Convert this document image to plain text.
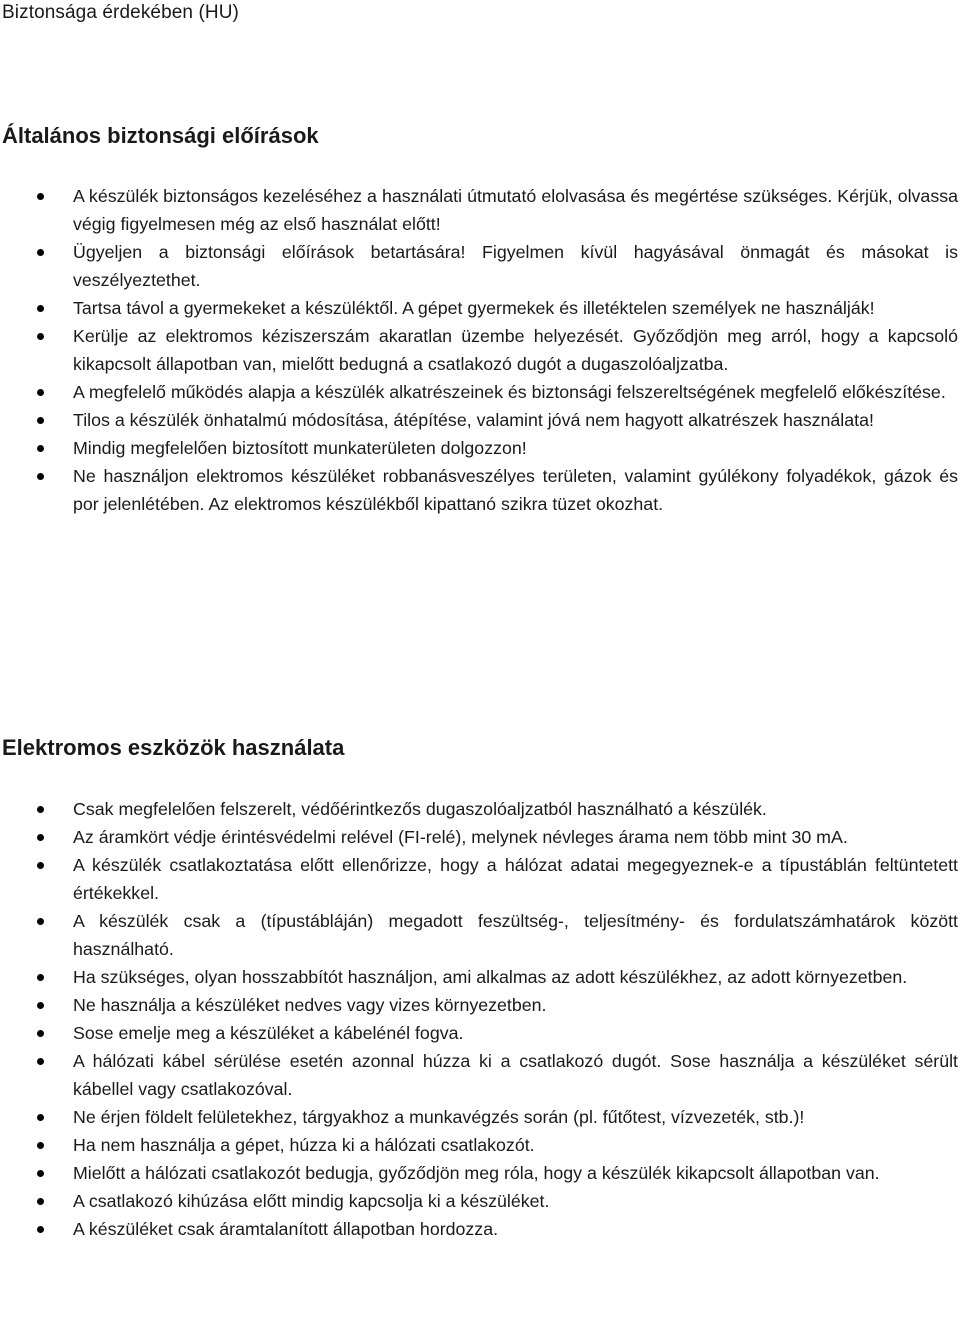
Biztonsága érdekében (HU)
Általános biztonsági előírások
A készülék biztonságos kezeléséhez a használati útmutató elolvasása és megértése szükséges. Kérjük, olvassa végig figyelmesen még az első használat előtt!
Ügyeljen a biztonsági előírások betartására! Figyelmen kívül hagyásával önmagát és másokat is veszélyeztethet.
Tartsa távol a gyermekeket a készüléktől. A gépet gyermekek és illetéktelen személyek ne használják!
Kerülje az elektromos kéziszerszám akaratlan üzembe helyezését. Győződjön meg arról, hogy a kapcsoló kikapcsolt állapotban van, mielőtt bedugná a csatlakozó dugót a dugaszolóaljzatba.
A megfelelő működés alapja a készülék alkatrészeinek és biztonsági felszereltségének megfelelő előkészítése.
Tilos a készülék önhatalmú módosítása, átépítése, valamint jóvá nem hagyott alkatrészek használata!
Mindig megfelelően biztosított munkaterületen dolgozzon!
Ne használjon elektromos készüléket robbanásveszélyes területen, valamint gyúlékony folyadékok, gázok és por jelenlétében. Az elektromos készülékből kipattanó szikra tüzet okozhat.
Elektromos eszközök használata
Csak megfelelően felszerelt, védőérintkezős dugaszolóaljzatból használható a készülék.
Az áramkört védje érintésvédelmi relével (FI-relé), melynek névleges árama nem több mint 30 mA.
A készülék csatlakoztatása előtt ellenőrizze, hogy a hálózat adatai megegyeznek-e a típustáblán feltüntetett értékekkel.
A készülék csak a (típustábláján) megadott feszültség-, teljesítmény- és fordulatszámhatárok között használható.
Ha szükséges, olyan hosszabbítót használjon, ami alkalmas az adott készülékhez, az adott környezetben.
Ne használja a készüléket nedves vagy vizes környezetben.
Sose emelje meg a készüléket a kábelénél fogva.
A hálózati kábel sérülése esetén azonnal húzza ki a csatlakozó dugót. Sose használja a készüléket sérült kábellel vagy csatlakozóval.
Ne érjen földelt felületekhez, tárgyakhoz a munkavégzés során (pl. fűtőtest, vízvezeték, stb.)!
Ha nem használja a gépet, húzza ki a hálózati csatlakozót.
Mielőtt a hálózati csatlakozót bedugja, győződjön meg róla, hogy a készülék kikapcsolt állapotban van.
A csatlakozó kihúzása előtt mindig kapcsolja ki a készüléket.
A készüléket csak áramtalanított állapotban hordozza.
